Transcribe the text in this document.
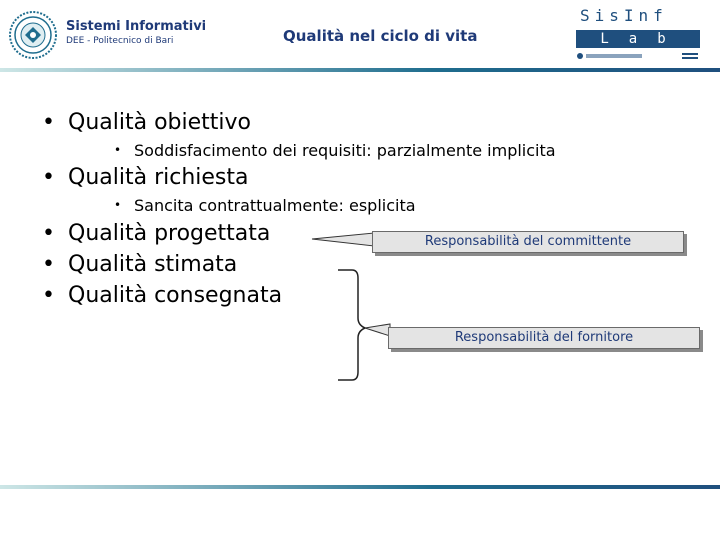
Sistemi Informativi
DEE - Politecnico di Bari	Qualità nel ciclo di vita
SisInf
Lab
• Qualità obiettivo
• Soddisfacimento dei requisiti: parzialmente implicita
• Qualità richiesta
• Sancita contrattualmente: esplicita
• Qualità progettata
• Qualità stimata
• Qualità consegnata
Responsabilità del committente
Responsabilità del fornitore
